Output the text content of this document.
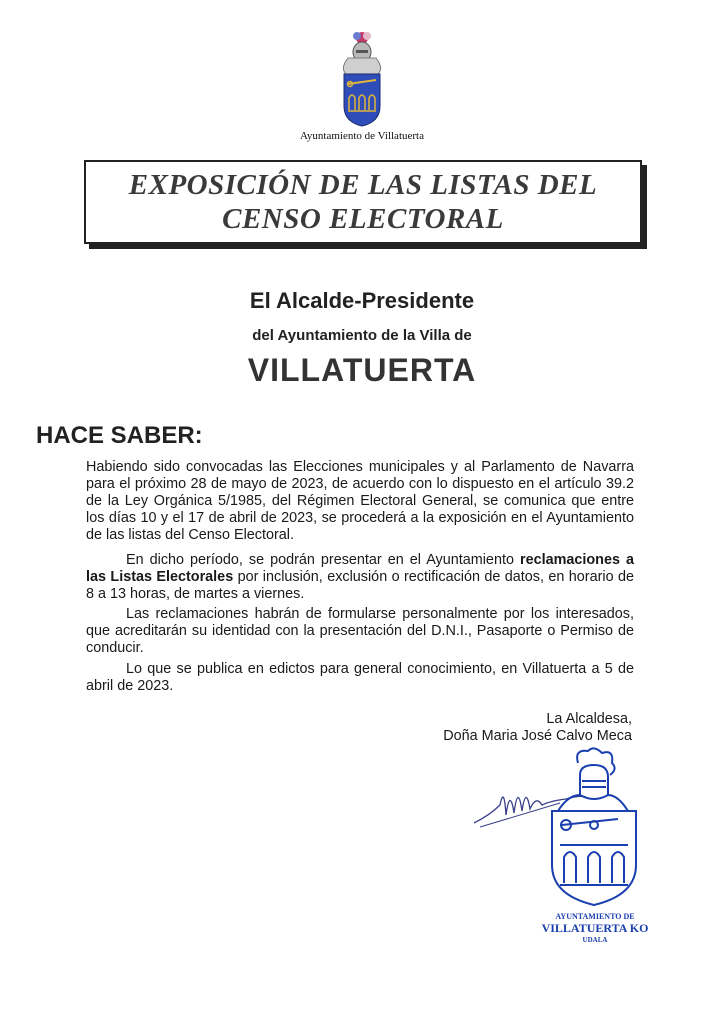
Ayuntamiento de Villatuerta
EXPOSICIÓN DE LAS LISTAS DEL
CENSO ELECTORAL
El Alcalde-Presidente
del Ayuntamiento de la Villa de
VILLATUERTA
HACE SABER:
Habiendo sido convocadas las Elecciones municipales y al Parlamento de Navarra para el próximo 28 de mayo de 2023, de acuerdo con lo dispuesto en el artículo 39.2 de la Ley Orgánica 5/1985, del Régimen Electoral General, se comunica que entre los días 10 y el 17 de abril de 2023, se procederá a la exposición en el Ayuntamiento de las listas del Censo Electoral.
En dicho período, se podrán presentar en el Ayuntamiento reclamaciones a las Listas Electorales por inclusión, exclusión o rectificación de datos, en horario de 8 a 13 horas, de martes a viernes.
Las reclamaciones habrán de formularse personalmente por los interesados, que acreditarán su identidad con la presentación del D.N.I., Pasaporte o Permiso de conducir.
Lo que se publica en edictos para general conocimiento, en Villatuerta a 5 de abril de 2023.
La Alcaldesa,
Doña Maria José Calvo Meca
AYUNTAMIENTO DE
VILLATUERTA KO
UDALA
